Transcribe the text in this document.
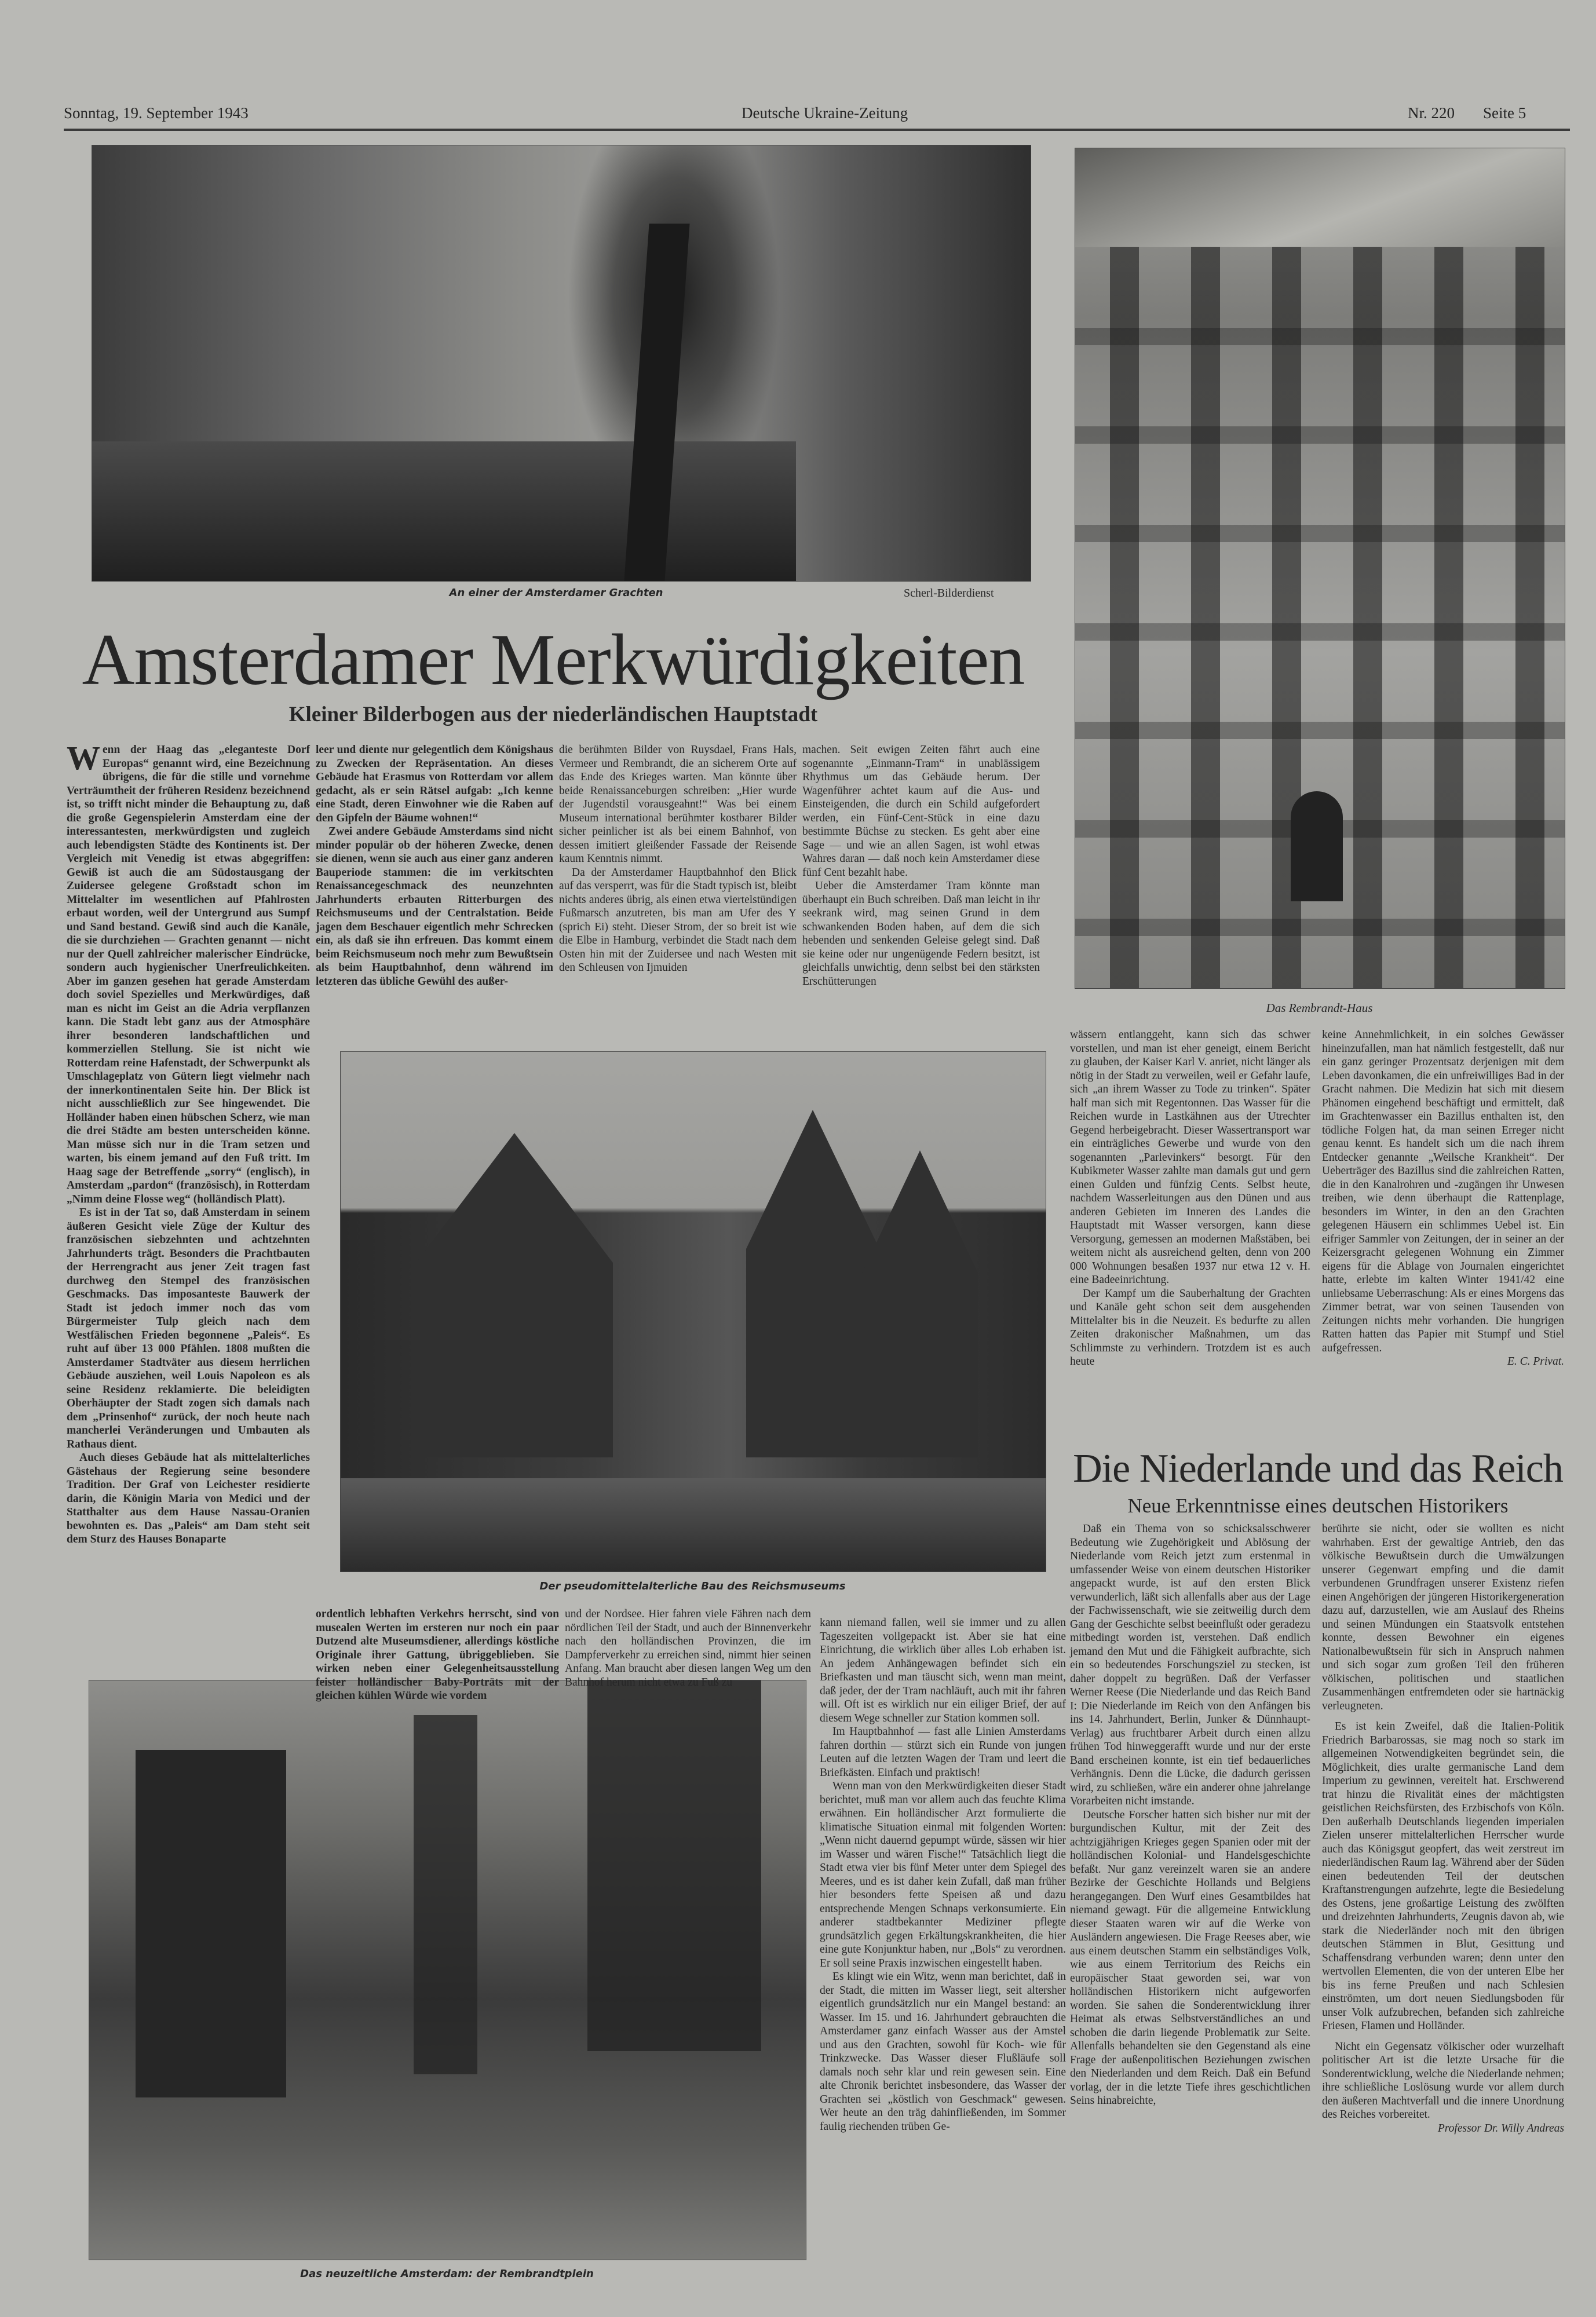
Sonntag, 19. September 1943	Deutsche Ukraine-Zeitung	Nr. 220 Seite 5
An einer der Amsterdamer Grachten	Scherl-Bilderdienst
Das Rembrandt-Haus
Der pseudomittelalterliche Bau des Reichsmuseums
Das neuzeitliche Amsterdam: der Rembrandtplein
Amsterdamer Merkwürdigkeiten
Kleiner Bilderbogen aus der niederländischen Hauptstadt

Wenn der Haag das „eleganteste Dorf Europas“ genannt wird, eine Bezeichnung übrigens, die für die stille und vornehme Verträumtheit der früheren Residenz bezeichnend ist, so trifft nicht minder die Behauptung zu, daß die große Gegenspielerin Amsterdam eine der interessantesten, merkwürdigsten und zugleich auch lebendigsten Städte des Kontinents ist. Der Vergleich mit Venedig ist etwas abgegriffen: Gewiß ist auch die am Südostausgang der Zuidersee gelegene Großstadt schon im Mittelalter im wesentlichen auf Pfahlrosten erbaut worden, weil der Untergrund aus Sumpf und Sand bestand. Gewiß sind auch die Kanäle, die sie durchziehen — Grachten genannt — nicht nur der Quell zahlreicher malerischer Eindrücke, sondern auch hygienischer Unerfreulichkeiten. Aber im ganzen gesehen hat gerade Amsterdam doch soviel Spezielles und Merkwürdiges, daß man es nicht im Geist an die Adria verpflanzen kann. Die Stadt lebt ganz aus der Atmosphäre ihrer besonderen landschaftlichen und kommerziellen Stellung. Sie ist nicht wie Rotterdam reine Hafenstadt, der Schwerpunkt als Umschlageplatz von Gütern liegt vielmehr nach der innerkontinentalen Seite hin. Der Blick ist nicht ausschließlich zur See hingewendet. Die Holländer haben einen hübschen Scherz, wie man die drei Städte am besten unterscheiden könne. Man müsse sich nur in die Tram setzen und warten, bis einem jemand auf den Fuß tritt. Im Haag sage der Betreffende „sorry“ (englisch), in Amsterdam „pardon“ (französisch), in Rotterdam „Nimm deine Flosse weg“ (holländisch Platt).

Es ist in der Tat so, daß Amsterdam in seinem äußeren Gesicht viele Züge der Kultur des französischen siebzehnten und achtzehnten Jahrhunderts trägt. Besonders die Prachtbauten der Herrengracht aus jener Zeit tragen fast durchweg den Stempel des französischen Geschmacks. Das imposanteste Bauwerk der Stadt ist jedoch immer noch das vom Bürgermeister Tulp gleich nach dem Westfälischen Frieden begonnene „Paleis“. Es ruht auf über 13 000 Pfählen. 1808 mußten die Amsterdamer Stadtväter aus diesem herrlichen Gebäude ausziehen, weil Louis Napoleon es als seine Residenz reklamierte. Die beleidigten Oberhäupter der Stadt zogen sich damals nach dem „Prinsenhof“ zurück, der noch heute nach mancherlei Veränderungen und Umbauten als Rathaus dient.

Auch dieses Gebäude hat als mittelalterliches Gästehaus der Regierung seine besondere Tradition. Der Graf von Leichester residierte darin, die Königin Maria von Medici und der Statthalter aus dem Hause Nassau-Oranien bewohnten es. Das „Paleis“ am Dam steht seit dem Sturz des Hauses Bonaparte

leer und diente nur gelegentlich dem Königshaus zu Zwecken der Repräsentation. An dieses Gebäude hat Erasmus von Rotterdam vor allem gedacht, als er sein Rätsel aufgab: „Ich kenne eine Stadt, deren Einwohner wie die Raben auf den Gipfeln der Bäume wohnen!“

Zwei andere Gebäude Amsterdams sind nicht minder populär ob der höheren Zwecke, denen sie dienen, wenn sie auch aus einer ganz anderen Bauperiode stammen: die im verkitschten Renaissancegeschmack des neunzehnten Jahrhunderts erbauten Ritterburgen des Reichsmuseums und der Centralstation. Beide jagen dem Beschauer eigentlich mehr Schrecken ein, als daß sie ihn erfreuen. Das kommt einem beim Reichsmuseum noch mehr zum Bewußtsein als beim Hauptbahnhof, denn während im letzteren das übliche Gewühl des außer-

die berühmten Bilder von Ruysdael, Frans Hals, Vermeer und Rembrandt, die an sicherem Orte auf das Ende des Krieges warten. Man könnte über beide Renaissanceburgen schreiben: „Hier wurde der Jugendstil vorausgeahnt!“ Was bei einem Museum international berühmter kostbarer Bilder sicher peinlicher ist als bei einem Bahnhof, von dessen imitiert gleißender Fassade der Reisende kaum Kenntnis nimmt.

Da der Amsterdamer Hauptbahnhof den Blick auf das versperrt, was für die Stadt typisch ist, bleibt nichts anderes übrig, als einen etwa viertelstündigen Fußmarsch anzutreten, bis man am Ufer des Y (sprich Ei) steht. Dieser Strom, der so breit ist wie die Elbe in Hamburg, verbindet die Stadt nach dem Osten hin mit der Zuidersee und nach Westen mit den Schleusen von Ijmuiden

machen. Seit ewigen Zeiten fährt auch eine sogenannte „Einmann-Tram“ in unablässigem Rhythmus um das Gebäude herum. Der Wagenführer achtet kaum auf die Aus- und Einsteigenden, die durch ein Schild aufgefordert werden, ein Fünf-Cent-Stück in eine dazu bestimmte Büchse zu stecken. Es geht aber eine Sage — und wie an allen Sagen, ist wohl etwas Wahres daran — daß noch kein Amsterdamer diese fünf Cent bezahlt habe.

Ueber die Amsterdamer Tram könnte man überhaupt ein Buch schreiben. Daß man leicht in ihr seekrank wird, mag seinen Grund in dem schwankenden Boden haben, auf dem die sich hebenden und senkenden Geleise gelegt sind. Daß sie keine oder nur ungenügende Federn besitzt, ist gleichfalls unwichtig, denn selbst bei den stärksten Erschütterungen

ordentlich lebhaften Verkehrs herrscht, sind von musealen Werten im ersteren nur noch ein paar Dutzend alte Museumsdiener, allerdings köstliche Originale ihrer Gattung, übriggeblieben. Sie wirken neben einer Gelegenheitsausstellung feister holländischer Baby-Porträts mit der gleichen kühlen Würde wie vordem

und der Nordsee. Hier fahren viele Fähren nach dem nördlichen Teil der Stadt, und auch der Binnenverkehr nach den holländischen Provinzen, die im Dampferverkehr zu erreichen sind, nimmt hier seinen Anfang. Man braucht aber diesen langen Weg um den Bahnhof herum nicht etwa zu Fuß zu

kann niemand fallen, weil sie immer und zu allen Tageszeiten vollgepackt ist. Aber sie hat eine Einrichtung, die wirklich über alles Lob erhaben ist. An jedem Anhängewagen befindet sich ein Briefkasten und man täuscht sich, wenn man meint, daß jeder, der der Tram nachläuft, auch mit ihr fahren will. Oft ist es wirklich nur ein eiliger Brief, der auf diesem Wege schneller zur Station kommen soll.

Im Hauptbahnhof — fast alle Linien Amsterdams fahren dorthin — stürzt sich ein Runde von jungen Leuten auf die letzten Wagen der Tram und leert die Briefkästen. Einfach und praktisch!

Wenn man von den Merkwürdigkeiten dieser Stadt berichtet, muß man vor allem auch das feuchte Klima erwähnen. Ein holländischer Arzt formulierte die klimatische Situation einmal mit folgenden Worten: „Wenn nicht dauernd gepumpt würde, sässen wir hier im Wasser und wären Fische!“ Tatsächlich liegt die Stadt etwa vier bis fünf Meter unter dem Spiegel des Meeres, und es ist daher kein Zufall, daß man früher hier besonders fette Speisen aß und dazu entsprechende Mengen Schnaps verkonsumierte. Ein anderer stadtbekannter Mediziner pflegte grundsätzlich gegen Erkältungskrankheiten, die hier eine gute Konjunktur haben, nur „Bols“ zu verordnen. Er soll seine Praxis inzwischen eingestellt haben.

Es klingt wie ein Witz, wenn man berichtet, daß in der Stadt, die mitten im Wasser liegt, seit altersher eigentlich grundsätzlich nur ein Mangel bestand: an Wasser. Im 15. und 16. Jahrhundert gebrauchten die Amsterdamer ganz einfach Wasser aus der Amstel und aus den Grachten, sowohl für Koch- wie für Trinkzwecke. Das Wasser dieser Flußläufe soll damals noch sehr klar und rein gewesen sein. Eine alte Chronik berichtet insbesondere, das Wasser der Grachten sei „köstlich von Geschmack“ gewesen. Wer heute an den träg dahinfließenden, im Sommer faulig riechenden trüben Ge-

wässern entlanggeht, kann sich das schwer vorstellen, und man ist eher geneigt, einem Bericht zu glauben, der Kaiser Karl V. anriet, nicht länger als nötig in der Stadt zu verweilen, weil er Gefahr laufe, sich „an ihrem Wasser zu Tode zu trinken“. Später half man sich mit Regentonnen. Das Wasser für die Reichen wurde in Lastkähnen aus der Utrechter Gegend herbeigebracht. Dieser Wassertransport war ein einträgliches Gewerbe und wurde von den sogenannten „Parlevinkers“ besorgt. Für den Kubikmeter Wasser zahlte man damals gut und gern einen Gulden und fünfzig Cents. Selbst heute, nachdem Wasserleitungen aus den Dünen und aus anderen Gebieten im Inneren des Landes die Hauptstadt mit Wasser versorgen, kann diese Versorgung, gemessen an modernen Maßstäben, bei weitem nicht als ausreichend gelten, denn von 200 000 Wohnungen besaßen 1937 nur etwa 12 v. H. eine Badeeinrichtung.

Der Kampf um die Sauberhaltung der Grachten und Kanäle geht schon seit dem ausgehenden Mittelalter bis in die Neuzeit. Es bedurfte zu allen Zeiten drakonischer Maßnahmen, um das Schlimmste zu verhindern. Trotzdem ist es auch heute

keine Annehmlichkeit, in ein solches Gewässer hineinzufallen, man hat nämlich festgestellt, daß nur ein ganz geringer Prozentsatz derjenigen mit dem Leben davonkamen, die ein unfreiwilliges Bad in der Gracht nahmen. Die Medizin hat sich mit diesem Phänomen eingehend beschäftigt und ermittelt, daß im Grachtenwasser ein Bazillus enthalten ist, den tödliche Folgen hat, da man seinen Erreger nicht genau kennt. Es handelt sich um die nach ihrem Entdecker genannte „Weilsche Krankheit“. Der Ueberträger des Bazillus sind die zahlreichen Ratten, die in den Kanalrohren und -zugängen ihr Unwesen treiben, wie denn überhaupt die Rattenplage, besonders im Winter, in den an den Grachten gelegenen Häusern ein schlimmes Uebel ist. Ein eifriger Sammler von Zeitungen, der in seiner an der Keizersgracht gelegenen Wohnung ein Zimmer eigens für die Ablage von Journalen eingerichtet hatte, erlebte im kalten Winter 1941/42 eine unliebsame Ueberraschung: Als er eines Morgens das Zimmer betrat, war von seinen Tausenden von Zeitungen nichts mehr vorhanden. Die hungrigen Ratten hatten das Papier mit Stumpf und Stiel aufgefressen.

E. C. Privat.

Die Niederlande und das Reich
Neue Erkenntnisse eines deutschen Historikers

Daß ein Thema von so schicksalsschwerer Bedeutung wie Zugehörigkeit und Ablösung der Niederlande vom Reich jetzt zum erstenmal in umfassender Weise von einem deutschen Historiker angepackt wurde, ist auf den ersten Blick verwunderlich, läßt sich allenfalls aber aus der Lage der Fachwissenschaft, wie sie zeitweilig durch dem Gang der Geschichte selbst beeinflußt oder geradezu mitbedingt worden ist, verstehen. Daß endlich jemand den Mut und die Fähigkeit aufbrachte, sich ein so bedeutendes Forschungsziel zu stecken, ist daher doppelt zu begrüßen. Daß der Verfasser Werner Reese (Die Niederlande und das Reich Band I: Die Niederlande im Reich von den Anfängen bis ins 14. Jahrhundert, Berlin, Junker & Dünnhaupt-Verlag) aus fruchtbarer Arbeit durch einen allzu frühen Tod hinweggerafft wurde und nur der erste Band erscheinen konnte, ist ein tief bedauerliches Verhängnis. Denn die Lücke, die dadurch gerissen wird, zu schließen, wäre ein anderer ohne jahrelange Vorarbeiten nicht imstande.

Deutsche Forscher hatten sich bisher nur mit der burgundischen Kultur, mit der Zeit des achtzigjährigen Krieges gegen Spanien oder mit der holländischen Kolonial- und Handelsgeschichte befaßt. Nur ganz vereinzelt waren sie an andere Bezirke der Geschichte Hollands und Belgiens herangegangen. Den Wurf eines Gesamtbildes hat niemand gewagt. Für die allgemeine Entwicklung dieser Staaten waren wir auf die Werke von Ausländern angewiesen. Die Frage Reeses aber, wie aus einem deutschen Stamm ein selbständiges Volk, wie aus einem Territorium des Reichs ein europäischer Staat geworden sei, war von holländischen Historikern nicht aufgeworfen worden. Sie sahen die Sonderentwicklung ihrer Heimat als etwas Selbstverständliches an und schoben die darin liegende Problematik zur Seite. Allenfalls behandelten sie den Gegenstand als eine Frage der außenpolitischen Beziehungen zwischen den Niederlanden und dem Reich. Daß ein Befund vorlag, der in die letzte Tiefe ihres geschichtlichen Seins hinabreichte,

berührte sie nicht, oder sie wollten es nicht wahrhaben. Erst der gewaltige Antrieb, den das völkische Bewußtsein durch die Umwälzungen unserer Gegenwart empfing und die damit verbundenen Grundfragen unserer Existenz riefen einen Angehörigen der jüngeren Historikergeneration dazu auf, darzustellen, wie am Auslauf des Rheins und seinen Mündungen ein Staatsvolk entstehen konnte, dessen Bewohner ein eigenes Nationalbewußtsein für sich in Anspruch nahmen und sich sogar zum großen Teil den früheren völkischen, politischen und staatlichen Zusammenhängen entfremdeten oder sie hartnäckig verleugneten.

Es ist kein Zweifel, daß die Italien-Politik Friedrich Barbarossas, sie mag noch so stark im allgemeinen Notwendigkeiten begründet sein, die Möglichkeit, dies uralte germanische Land dem Imperium zu gewinnen, vereitelt hat. Erschwerend trat hinzu die Rivalität eines der mächtigsten geistlichen Reichsfürsten, des Erzbischofs von Köln. Den außerhalb Deutschlands liegenden imperialen Zielen unserer mittelalterlichen Herrscher wurde auch das Königsgut geopfert, das weit zerstreut im niederländischen Raum lag. Während aber der Süden einen bedeutenden Teil der deutschen Kraftanstrengungen aufzehrte, legte die Besiedelung des Ostens, jene großartige Leistung des zwölften und dreizehnten Jahrhunderts, Zeugnis davon ab, wie stark die Niederländer noch mit den übrigen deutschen Stämmen in Blut, Gesittung und Schaffensdrang verbunden waren; denn unter den wertvollen Elementen, die von der unteren Elbe her bis ins ferne Preußen und nach Schlesien einströmten, um dort neuen Siedlungsboden für unser Volk aufzubrechen, befanden sich zahlreiche Friesen, Flamen und Holländer.

Nicht ein Gegensatz völkischer oder wurzelhaft politischer Art ist die letzte Ursache für die Sonderentwicklung, welche die Niederlande nehmen; ihre schließliche Loslösung wurde vor allem durch den äußeren Machtverfall und die innere Unordnung des Reiches vorbereitet.

Professor Dr. Willy Andreas
